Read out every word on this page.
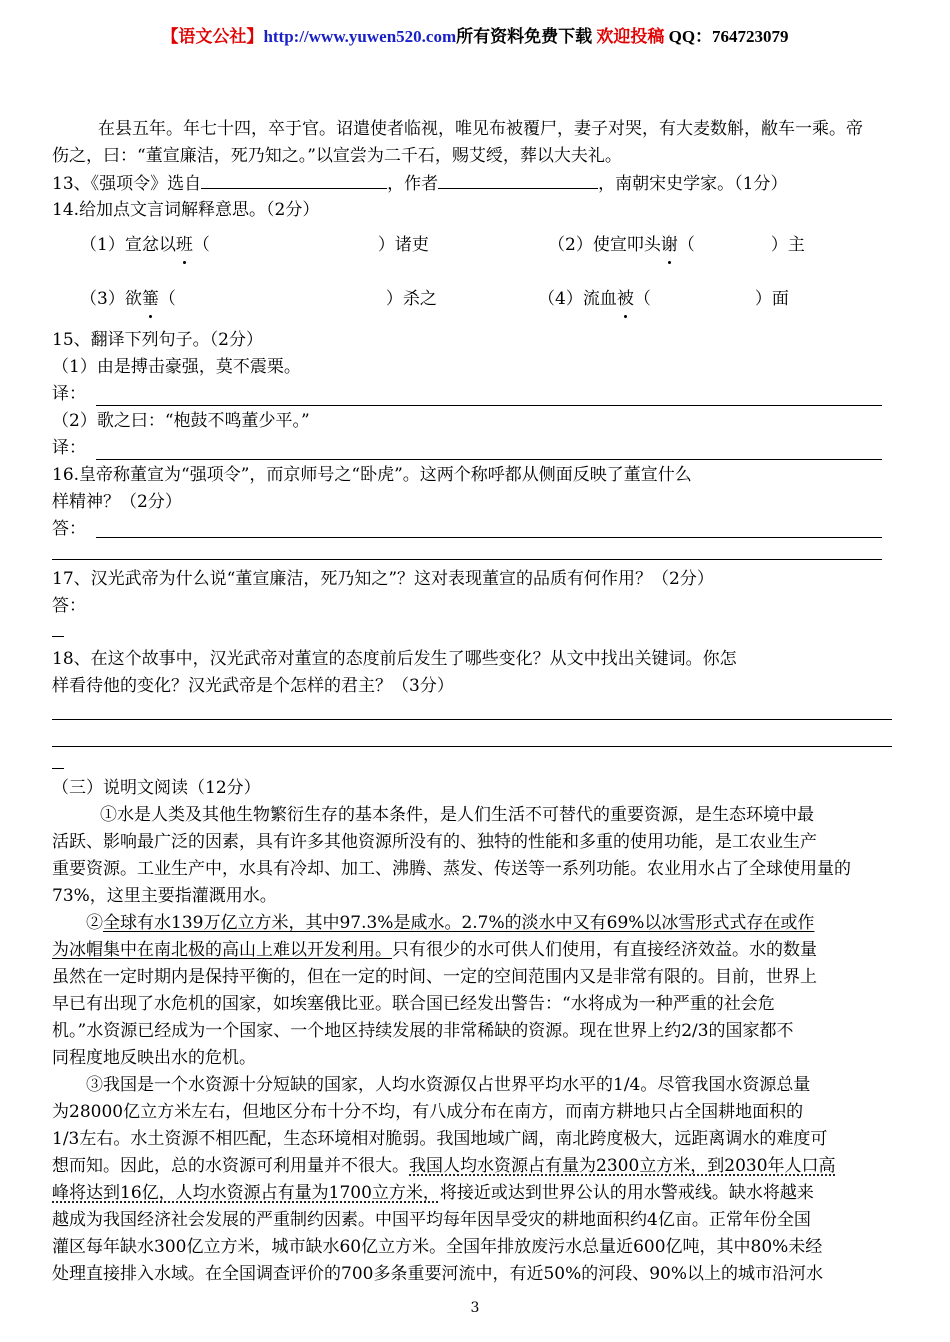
【语文公社】http://www.yuwen520.com所有资料免费下载 欢迎投稿 QQ：764723079
在县五年。年七十四，卒于官。诏遣使者临视，唯见布被覆尸，妻子对哭，有大麦数斛，敝车一乘。帝
伤之，曰：“董宣廉洁，死乃知之。”以宣尝为二千石，赐艾绶，葬以大夫礼。
13、《强项令》选自	，作者	，南朝宋史学家。（1分）
14.给加点文言词解释意思。（2分）
（1）宣忿以班（	）诸吏	（2）使宣叩头谢（	）主
（3）欲箠（	）杀之	（4）流血被（	）面
15、翻译下列句子。（2分）
（1）由是搏击豪强，莫不震栗。
译：
（2）歌之曰：“枹鼓不鸣董少平。”
译：
16.皇帝称董宣为“强项令”，而京师号之“卧虎”。这两个称呼都从侧面反映了董宣什么
样精神？（2分）
答：
17、汉光武帝为什么说“董宣廉洁，死乃知之”？这对表现董宣的品质有何作用？（2分）
答：
18、在这个故事中，汉光武帝对董宣的态度前后发生了哪些变化？从文中找出关键词。你怎
样看待他的变化？汉光武帝是个怎样的君主？（3分）
（三）说明文阅读（12分）
①水是人类及其他生物繁衍生存的基本条件，是人们生活不可替代的重要资源，是生态环境中最
活跃、影响最广泛的因素，具有许多其他资源所没有的、独特的性能和多重的使用功能，是工农业生产
重要资源。工业生产中，水具有冷却、加工、沸腾、蒸发、传送等一系列功能。农业用水占了全球使用量的
73%，这里主要指灌溉用水。
②全球有水139万亿立方米，其中97.3%是咸水。2.7%的淡水中又有69%以冰雪形式式存在或作
为冰帽集中在南北极的高山上难以开发利用。只有很少的水可供人们使用，有直接经济效益。水的数量
虽然在一定时期内是保持平衡的，但在一定的时间、一定的空间范围内又是非常有限的。目前，世界上
早已有出现了水危机的国家，如埃塞俄比亚。联合国已经发出警告：“水将成为一种严重的社会危
机。”水资源已经成为一个国家、一个地区持续发展的非常稀缺的资源。现在世界上约2/3的国家都不
同程度地反映出水的危机。
③我国是一个水资源十分短缺的国家，人均水资源仅占世界平均水平的1/4。尽管我国水资源总量
为28000亿立方米左右，但地区分布十分不均，有八成分布在南方，而南方耕地只占全国耕地面积的
1/3左右。水土资源不相匹配，生态环境相对脆弱。我国地域广阔，南北跨度极大，远距离调水的难度可
想而知。因此，总的水资源可利用量并不很大。我国人均水资源占有量为2300立方米，到2030年人口高
峰将达到16亿，人均水资源占有量为1700立方米，将接近或达到世界公认的用水警戒线。缺水将越来
越成为我国经济社会发展的严重制约因素。中国平均每年因旱受灾的耕地面积约4亿亩。正常年份全国
灌区每年缺水300亿立方米，城市缺水60亿立方米。全国年排放废污水总量近600亿吨，其中80%未经
处理直接排入水域。在全国调查评价的700多条重要河流中，有近50%的河段、90%以上的城市沿河水
3
